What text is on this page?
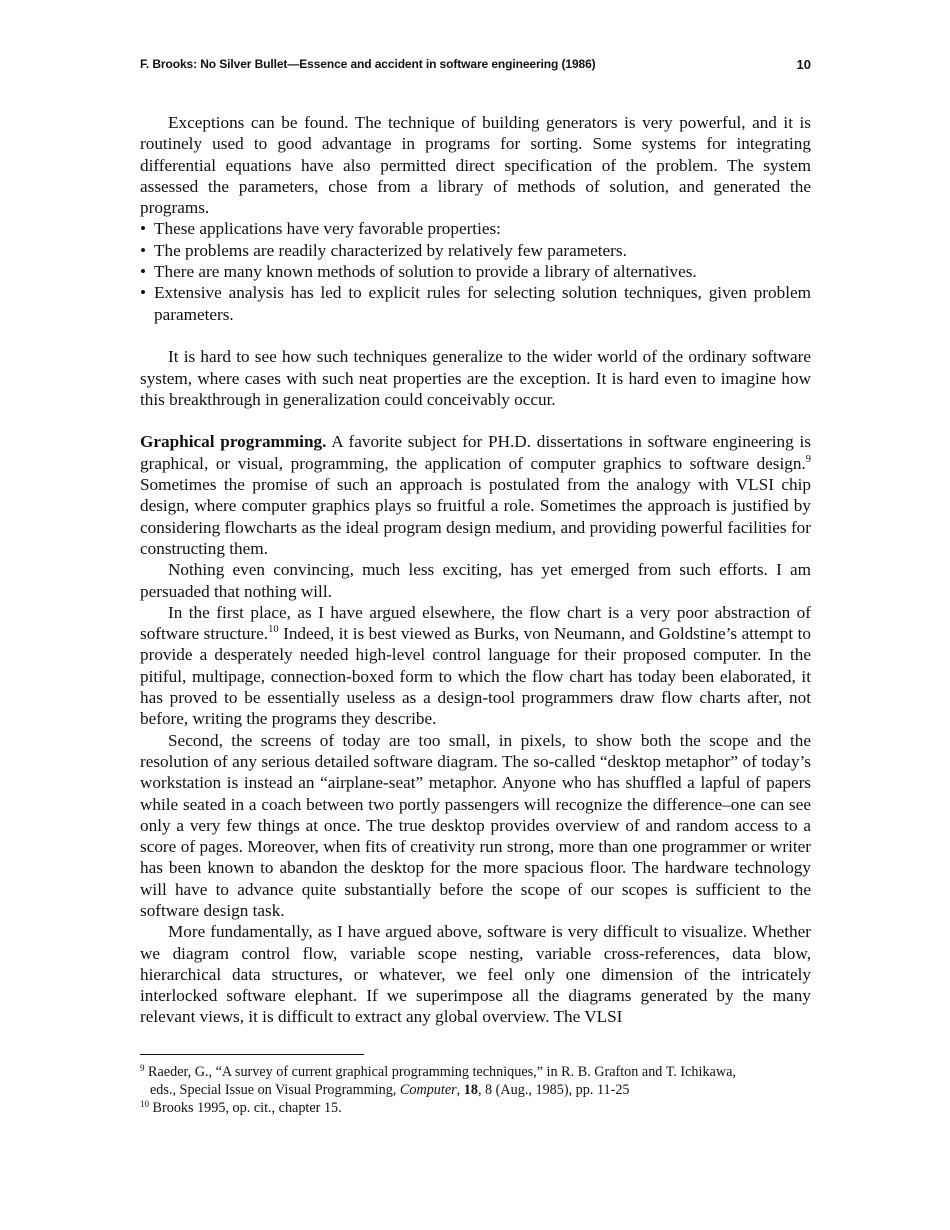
F. Brooks: No Silver Bullet—Essence and accident in software engineering (1986)	10

Exceptions can be found. The technique of building generators is very powerful, and it is routinely used to good advantage in programs for sorting. Some systems for integrating differential equations have also permitted direct specification of the problem. The system assessed the parameters, chose from a library of methods of solution, and generated the programs.

• These applications have very favorable properties:
• The problems are readily characterized by relatively few parameters.
• There are many known methods of solution to provide a library of alternatives.
• Extensive analysis has led to explicit rules for selecting solution techniques, given problem parameters.

It is hard to see how such techniques generalize to the wider world of the ordinary software system, where cases with such neat properties are the exception. It is hard even to imagine how this breakthrough in generalization could conceivably occur.

Graphical programming. A favorite subject for PH.D. dissertations in software engineering is graphical, or visual, programming, the application of computer graphics to software design.$^9$ Sometimes the promise of such an approach is postulated from the analogy with VLSI chip design, where computer graphics plays so fruitful a role. Sometimes the approach is justified by considering flowcharts as the ideal program design medium, and providing powerful facilities for constructing them.

Nothing even convincing, much less exciting, has yet emerged from such efforts. I am persuaded that nothing will.

In the first place, as I have argued elsewhere, the flow chart is a very poor abstraction of software structure.$^{10}$ Indeed, it is best viewed as Burks, von Neumann, and Goldstine’s attempt to provide a desperately needed high-level control language for their proposed computer. In the pitiful, multipage, connection-boxed form to which the flow chart has today been elaborated, it has proved to be essentially useless as a design-tool programmers draw flow charts after, not before, writing the programs they describe.

Second, the screens of today are too small, in pixels, to show both the scope and the resolution of any serious detailed software diagram. The so-called “desktop metaphor” of today’s workstation is instead an “airplane-seat” metaphor. Anyone who has shuffled a lapful of papers while seated in a coach between two portly passengers will recognize the difference–one can see only a very few things at once. The true desktop provides overview of and random access to a score of pages. Moreover, when fits of creativity run strong, more than one programmer or writer has been known to abandon the desktop for the more spacious floor. The hardware technology will have to advance quite substantially before the scope of our scopes is sufficient to the software design task.

More fundamentally, as I have argued above, software is very difficult to visualize. Whether we diagram control flow, variable scope nesting, variable cross-references, data blow, hierarchical data structures, or whatever, we feel only one dimension of the intricately interlocked software elephant. If we superimpose all the diagrams generated by the many relevant views, it is difficult to extract any global overview. The VLSI

$^9$ Raeder, G., “A survey of current graphical programming techniques,” in R. B. Grafton and T. Ichikawa,
eds., Special Issue on Visual Programming, Computer, 18, 8 (Aug., 1985), pp. 11-25

$^{10}$ Brooks 1995, op. cit., chapter 15.
